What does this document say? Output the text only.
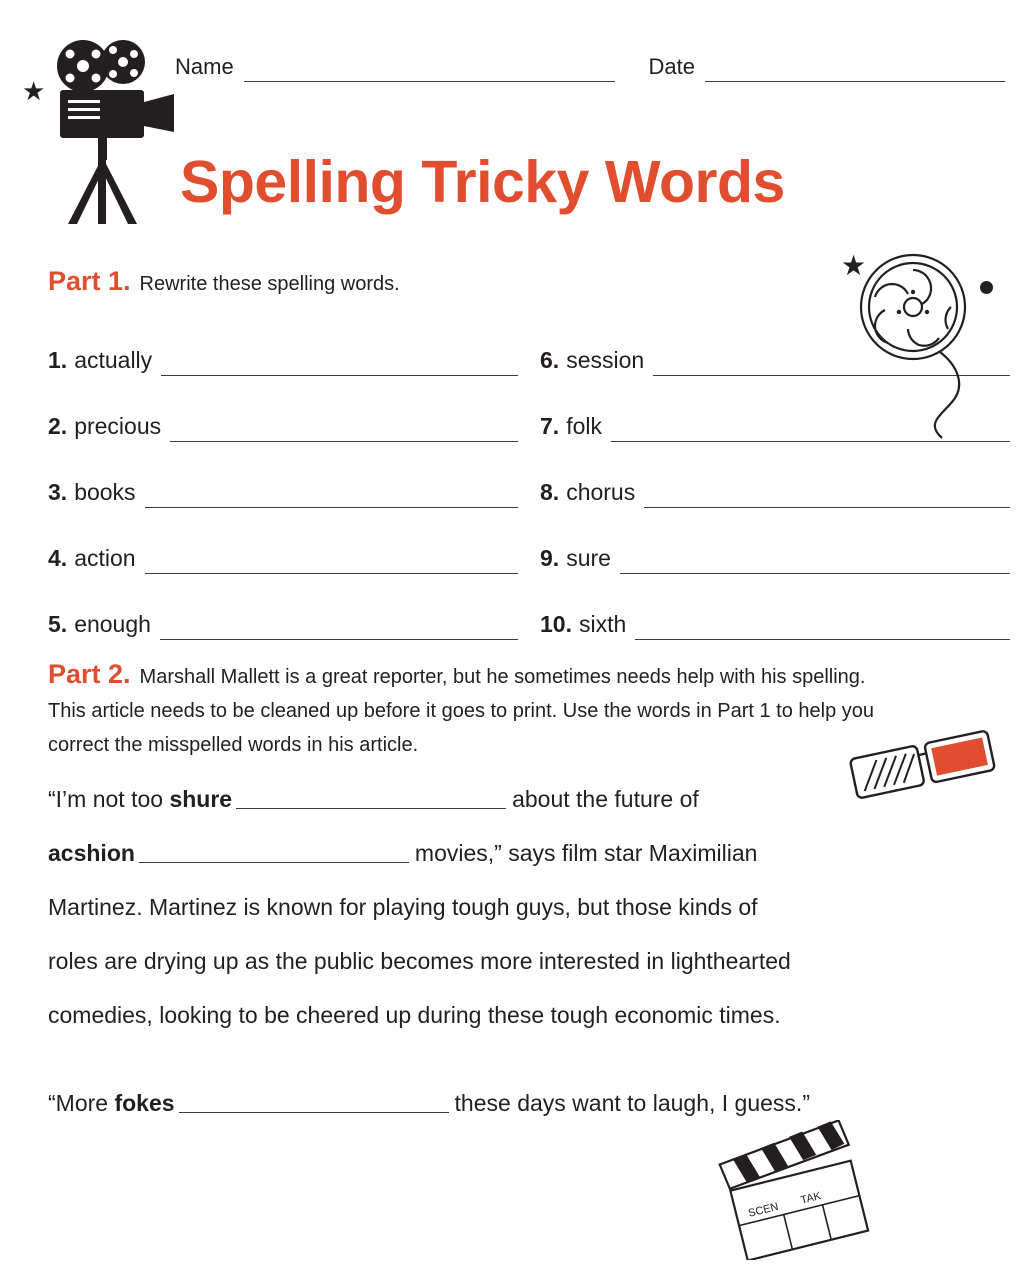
★
Name	Date
Spelling Tricky Words
Part 1. Rewrite these spelling words.
1. actually
2. precious
3. books
4. action
5. enough
6. session
7. folk
8. chorus
9. sure
10. sixth
★
Part 2. Marshall Mallett is a great reporter, but he sometimes needs help with his spelling. This article needs to be cleaned up before it goes to print. Use the words in Part 1 to help you correct the misspelled words in his article.
“I’m not too shure	about the future of
acshion	movies,” says film star Maximilian
Martinez. Martinez is known for playing tough guys, but those kinds of
roles are drying up as the public becomes more interested in lighthearted
comedies, looking to be cheered up during these tough economic times.
“More fokes	these days want to laugh, I guess.”
SCEN
TAK
